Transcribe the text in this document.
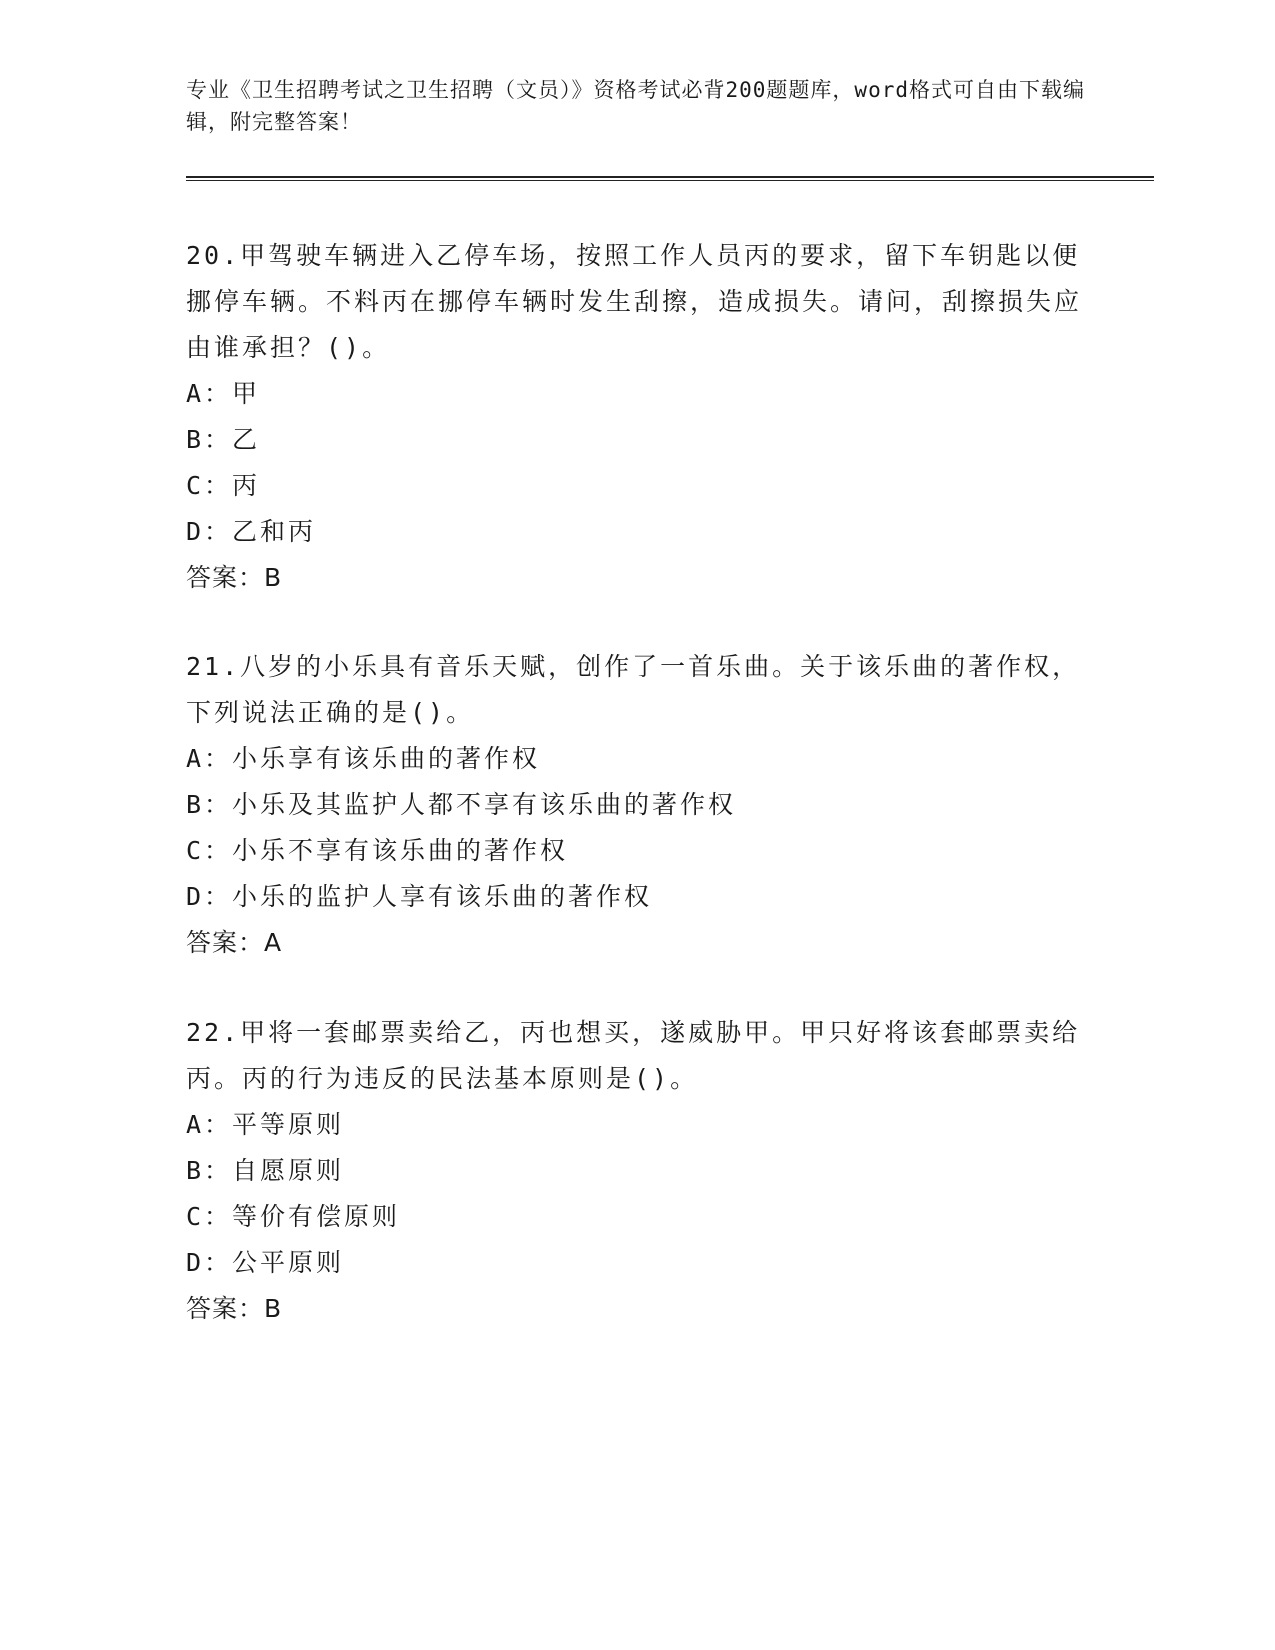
专业《卫生招聘考试之卫生招聘（文员）》资格考试必背200题题库，word格式可自由下载编辑，附完整答案！

20.甲驾驶车辆进入乙停车场，按照工作人员丙的要求，留下车钥匙以便挪停车辆。不料丙在挪停车辆时发生刮擦，造成损失。请问，刮擦损失应由谁承担？()。

A：甲

B：乙

C：丙

D：乙和丙

答案：B

21.八岁的小乐具有音乐天赋，创作了一首乐曲。关于该乐曲的著作权，下列说法正确的是()。

A：小乐享有该乐曲的著作权

B：小乐及其监护人都不享有该乐曲的著作权

C：小乐不享有该乐曲的著作权

D：小乐的监护人享有该乐曲的著作权

答案：A

22.甲将一套邮票卖给乙，丙也想买，遂威胁甲。甲只好将该套邮票卖给丙。丙的行为违反的民法基本原则是()。

A：平等原则

B：自愿原则

C：等价有偿原则

D：公平原则

答案：B
